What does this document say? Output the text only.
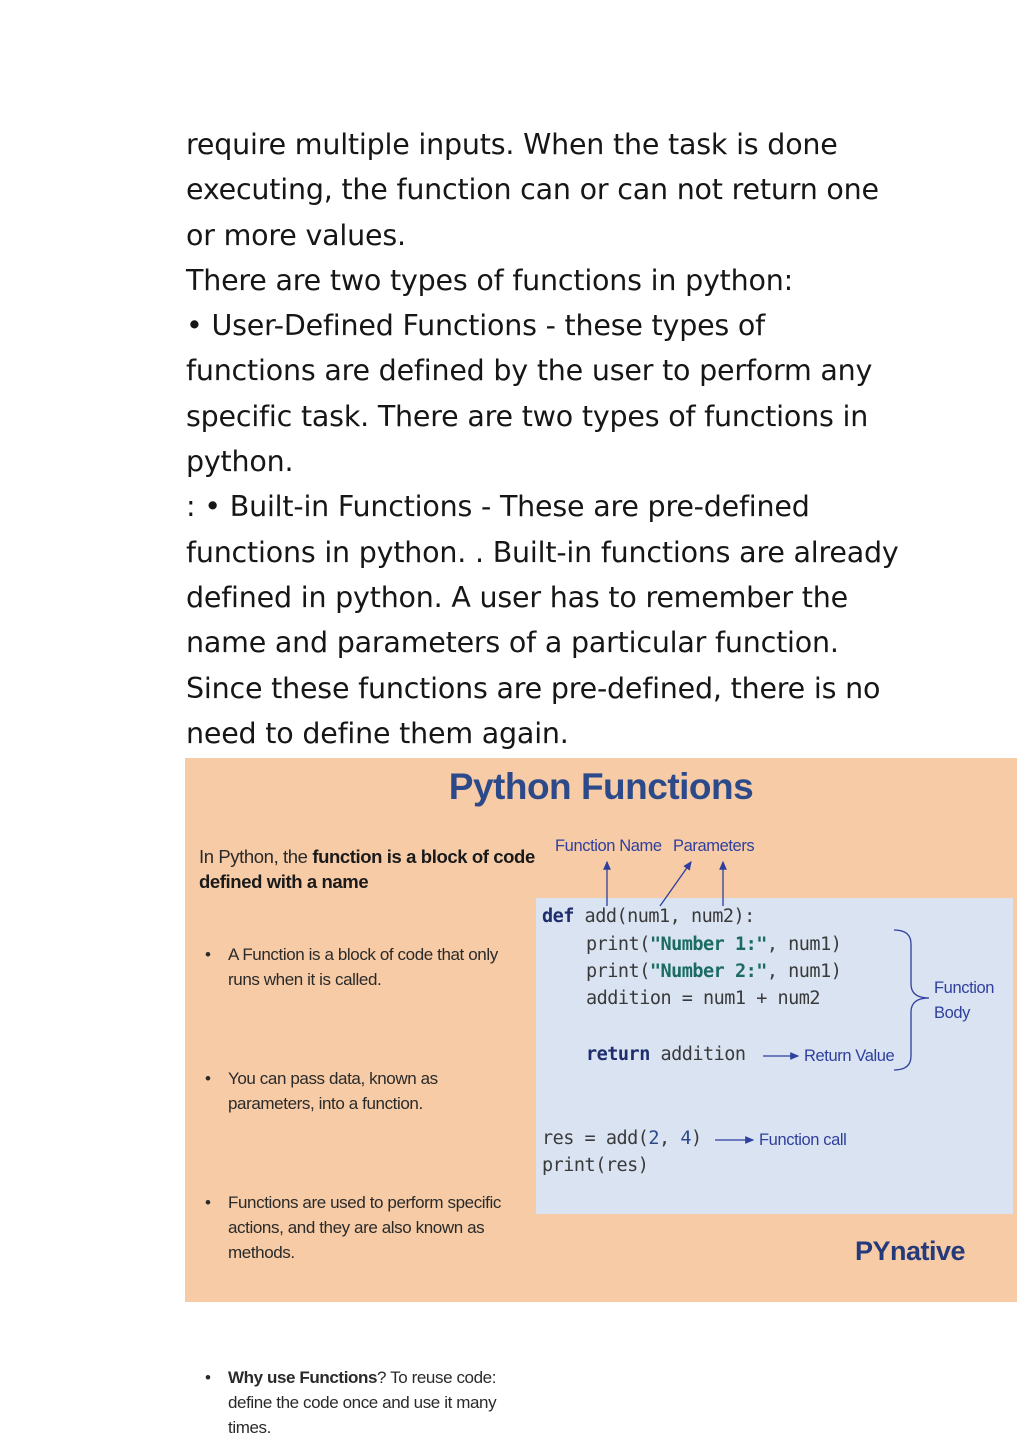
require multiple inputs. When the task is done
executing, the function can or can not return one
or more values.
There are two types of functions in python:
• User-Defined Functions - these types of
functions are defined by the user to perform any
specific task. There are two types of functions in
python.
: • Built-in Functions - These are pre-defined
functions in python. . Built-in functions are already
defined in python. A user has to remember the
name and parameters of a particular function.
Since these functions are pre-defined, there is no
need to define them again.
Python Functions
In Python, the function is a block of code defined with a name
• A Function is a block of code that only runs when it is called.
• You can pass data, known as parameters, into a function.
• Functions are used to perform specific actions, and they are also known as methods.
• Why use Functions? To reuse code: define the code once and use it many times.
def add(num1, num2):
print("Number 1:", num1)
print("Number 2:", num1)
addition = num1 + num2
return addition
res = add(2, 4)
print(res)
Function Name Parameters
Function Body
Return Value
Function call
PYnative
